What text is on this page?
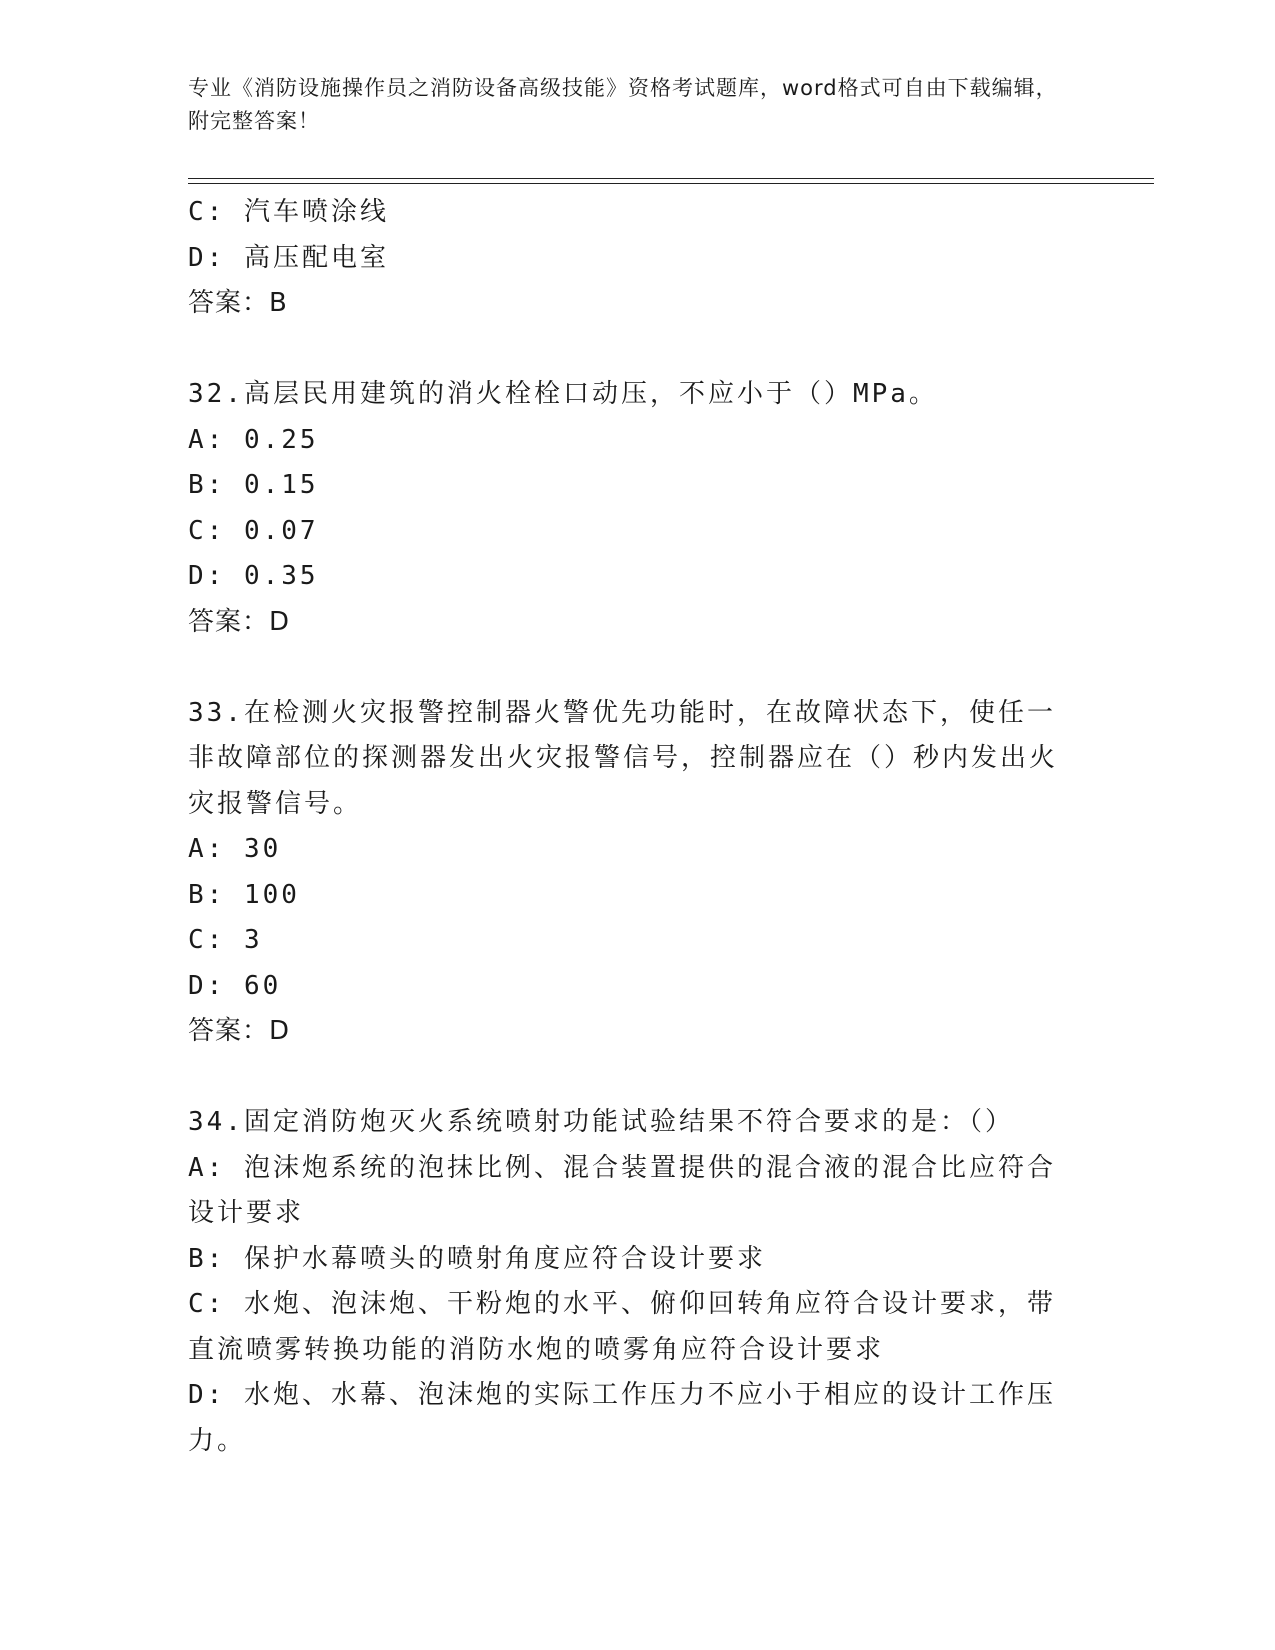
专业《消防设施操作员之消防设备高级技能》资格考试题库，word格式可自由下载编辑，附完整答案！
C: 汽车喷涂线
D: 高压配电室
答案：B
32.高层民用建筑的消火栓栓口动压，不应小于（）MPa。
A: 0.25
B: 0.15
C: 0.07
D: 0.35
答案：D
33.在检测火灾报警控制器火警优先功能时，在故障状态下，使任一非故障部位的探测器发出火灾报警信号，控制器应在（）秒内发出火灾报警信号。
A: 30
B: 100
C: 3
D: 60
答案：D
34.固定消防炮灭火系统喷射功能试验结果不符合要求的是：（）
A: 泡沫炮系统的泡抹比例、混合装置提供的混合液的混合比应符合设计要求
B: 保护水幕喷头的喷射角度应符合设计要求
C: 水炮、泡沫炮、干粉炮的水平、俯仰回转角应符合设计要求，带直流喷雾转换功能的消防水炮的喷雾角应符合设计要求
D: 水炮、水幕、泡沫炮的实际工作压力不应小于相应的设计工作压力。
